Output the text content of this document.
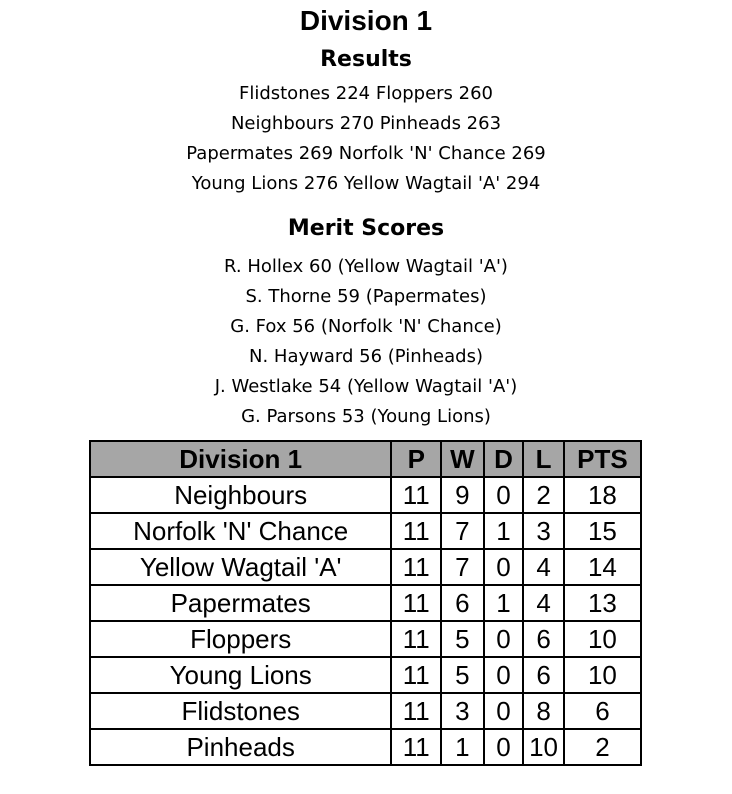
Division 1
Results
Flidstones 224 Floppers 260
Neighbours 270 Pinheads 263
Papermates 269 Norfolk 'N' Chance 269
Young Lions 276 Yellow Wagtail 'A' 294
Merit Scores
R. Hollex 60 (Yellow Wagtail 'A')
S. Thorne 59 (Papermates)
G. Fox 56 (Norfolk 'N' Chance)
N. Hayward 56 (Pinheads)
J. Westlake 54 (Yellow Wagtail 'A')
G. Parsons 53 (Young Lions)
Division 1	P	W	D	L	PTS
Neighbours	11	9	0	2	18
Norfolk 'N' Chance	11	7	1	3	15
Yellow Wagtail 'A'	11	7	0	4	14
Papermates	11	6	1	4	13
Floppers	11	5	0	6	10
Young Lions	11	5	0	6	10
Flidstones	11	3	0	8	6
Pinheads	11	1	0	10	2
